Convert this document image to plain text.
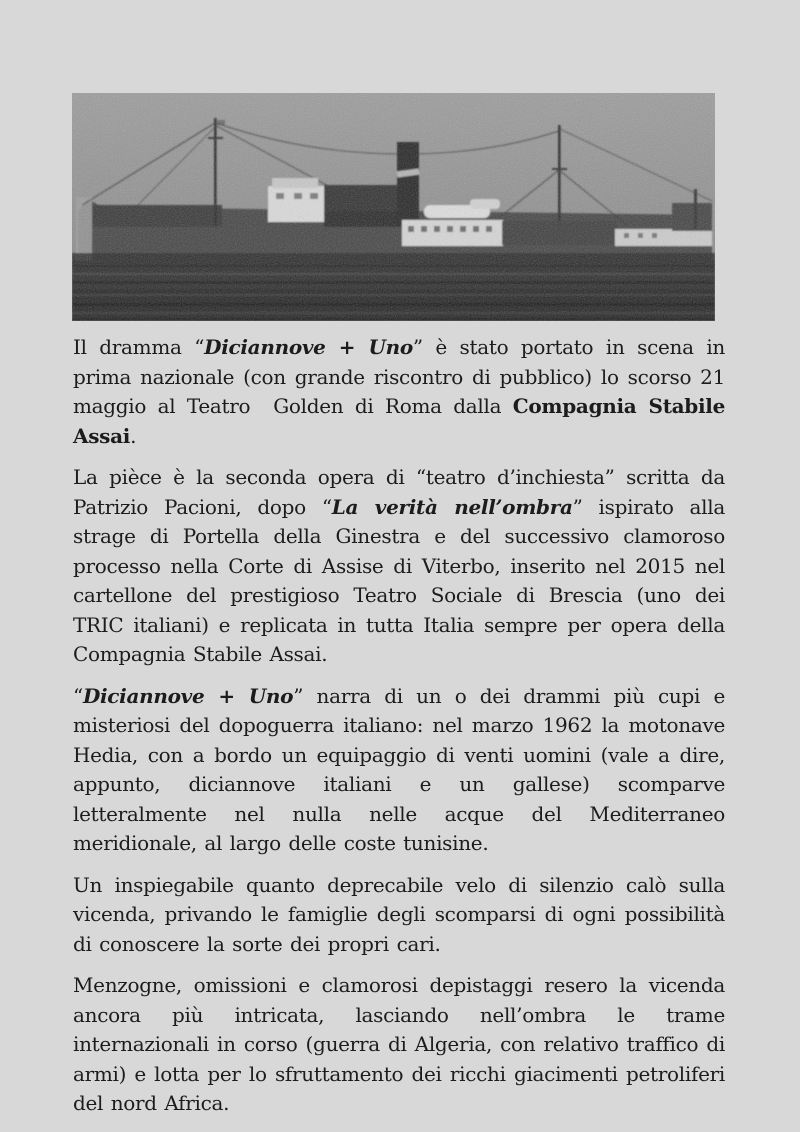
Il dramma “Diciannove + Uno” è stato portato in scena in prima nazionale (con grande riscontro di pubblico) lo scorso 21 maggio al Teatro  Golden di Roma dalla Compagnia Stabile Assai.

La pièce è la seconda opera di “teatro d’inchiesta” scritta da Patrizio Pacioni, dopo “La verità nell’ombra” ispirato alla strage di Portella della Ginestra e del successivo clamoroso processo nella Corte di Assise di Viterbo, inserito nel 2015 nel cartellone del prestigioso Teatro Sociale di Brescia (uno dei TRIC italiani) e replicata in tutta Italia sempre per opera della Compagnia Stabile Assai.

“Diciannove + Uno” narra di un o dei drammi più cupi e misteriosi del dopoguerra italiano: nel marzo 1962 la motonave Hedia, con a bordo un equipaggio di venti uomini (vale a dire, appunto, diciannove italiani e un gallese) scomparve letteralmente nel nulla nelle acque del Mediterraneo meridionale, al largo delle coste tunisine.

Un inspiegabile quanto deprecabile velo di silenzio calò sulla vicenda, privando le famiglie degli scomparsi di ogni possibilità di conoscere la sorte dei propri cari.

Menzogne, omissioni e clamorosi depistaggi resero la vicenda ancora più intricata, lasciando nell’ombra le trame internazionali in corso (guerra di Algeria, con relativo traffico di armi) e lotta per lo sfruttamento dei ricchi giacimenti petroliferi del nord Africa.
